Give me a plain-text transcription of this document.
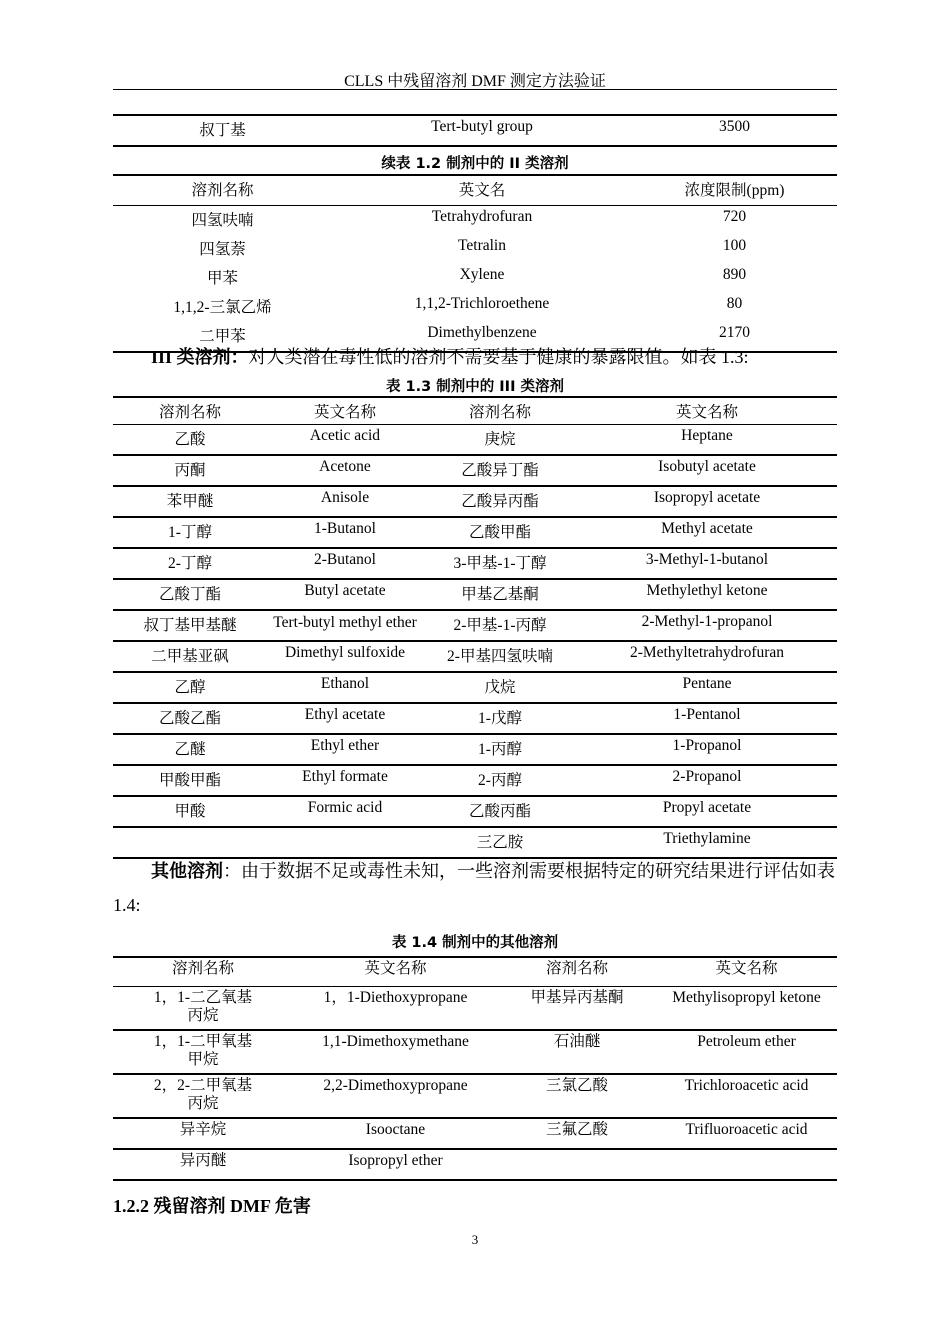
CLLS 中残留溶剂 DMF 测定方法验证
叔丁基	Tert-butyl group	3500
续表 1.2 制剂中的 II 类溶剂		
溶剂名称	英文名	浓度限制(ppm)
四氢呋喃	Tetrahydrofuran	720
四氢萘	Tetralin	100
甲苯	Xylene	890
1,1,2-三氯乙烯	1,1,2-Trichloroethene	80
二甲苯	Dimethylbenzene	2170
III 类溶剂：对人类潜在毒性低的溶剂不需要基于健康的暴露限值。如表 1.3:
表 1.3 制剂中的 III 类溶剂
溶剂名称	英文名称	溶剂名称	英文名称
乙酸	Acetic acid	庚烷	Heptane
丙酮	Acetone	乙酸异丁酯	Isobutyl acetate
苯甲醚	Anisole	乙酸异丙酯	Isopropyl acetate
1-丁醇	1-Butanol	乙酸甲酯	Methyl acetate
2-丁醇	2-Butanol	3-甲基-1-丁醇	3-Methyl-1-butanol
乙酸丁酯	Butyl acetate	甲基乙基酮	Methylethyl ketone
叔丁基甲基醚	Tert-butyl methyl ether	2-甲基-1-丙醇	2-Methyl-1-propanol
二甲基亚砜	Dimethyl sulfoxide	2-甲基四氢呋喃	2-Methyltetrahydrofuran
乙醇	Ethanol	戊烷	Pentane
乙酸乙酯	Ethyl acetate	1-戊醇	1-Pentanol
乙醚	Ethyl ether	1-丙醇	1-Propanol
甲酸甲酯	Ethyl formate	2-丙醇	2-Propanol
甲酸	Formic acid	乙酸丙酯	Propyl acetate
		三乙胺	Triethylamine
其他溶剂：由于数据不足或毒性未知，一些溶剂需要根据特定的研究结果进行评估如表 1.4:
表 1.4 制剂中的其他溶剂
溶剂名称	英文名称	溶剂名称	英文名称
1，1-二乙氧基丙烷	1，1-Diethoxypropane	甲基异丙基酮	Methylisopropyl ketone
1，1-二甲氧基甲烷	1,1-Dimethoxymethane	石油醚	Petroleum ether
2，2-二甲氧基丙烷	2,2-Dimethoxypropane	三氯乙酸	Trichloroacetic acid
异辛烷	Isooctane	三氟乙酸	Trifluoroacetic acid
异丙醚	Isopropyl ether		
1.2.2 残留溶剂 DMF 危害
3
